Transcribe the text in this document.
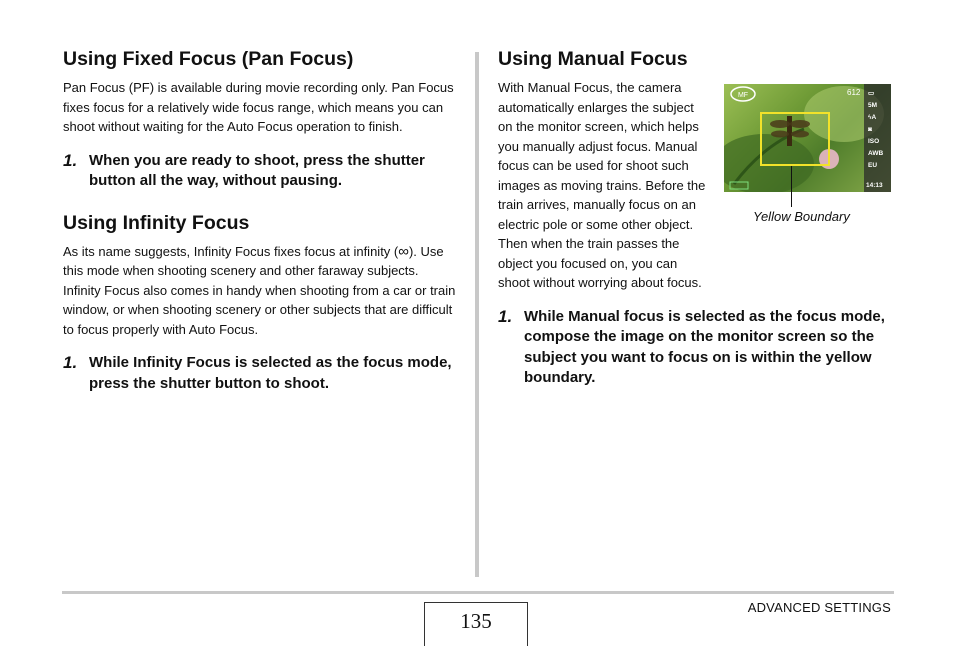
Using Fixed Focus (Pan Focus)

Pan Focus (PF) is available during movie recording only. Pan Focus fixes focus for a relatively wide focus range, which means you can shoot without waiting for the Auto Focus operation to finish.

1. When you are ready to shoot, press the shutter button all the way, without pausing.
Using Infinity Focus

As its name suggests, Infinity Focus fixes focus at infinity (∞). Use this mode when shooting scenery and other faraway subjects. Infinity Focus also comes in handy when shooting from a car or train window, or when shooting scenery or other subjects that are difficult to focus properly with Auto Focus.

1. While Infinity Focus is selected as the focus mode, press the shutter button to shoot.
Using Manual Focus

With Manual Focus, the camera automatically enlarges the subject on the monitor screen, which helps you manually adjust focus. Manual focus can be used for shoot such images as moving trains. Before the train arrives, manually focus on an electric pole or some other object. Then when the train passes the object you focused on, you can shoot without worrying about focus.

1. While Manual focus is selected as the focus mode, compose the image on the monitor screen so the subject you want to focus on is within the yellow boundary.
MF	612 ▭
5M
ϟA
◙
ISO
AWB
EU
14:13
Yellow Boundary
ADVANCED SETTINGS
135
